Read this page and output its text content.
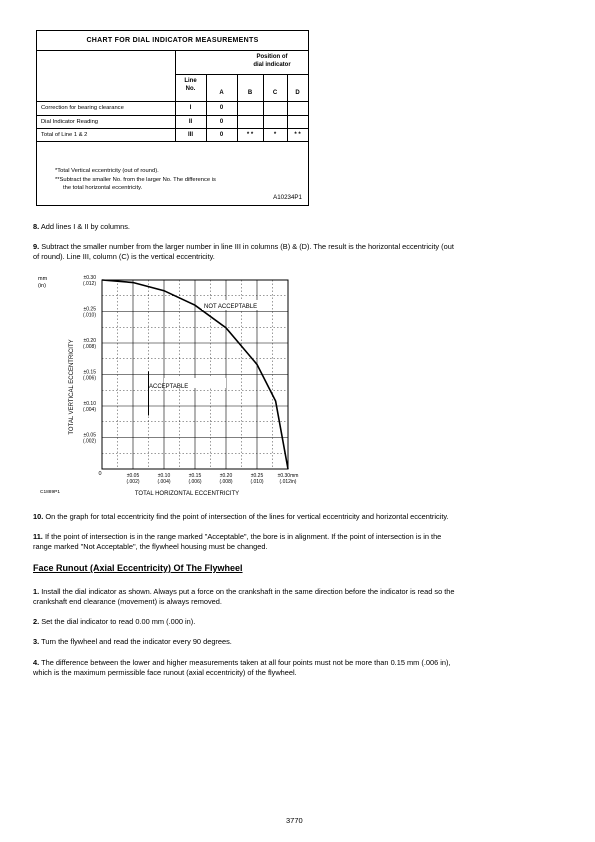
CHART FOR DIAL INDICATOR MEASUREMENTS
Position of
dial indicator
Line
No.
A	B	C	D
Correction for bearing clearance	I	0
Dial Indicator Reading	II	0
Total of Line 1 & 2	III	0	* *	*	* *
*Total Vertical eccentricity (out of round).
**Subtract the smaller No. from the larger No. The difference is
the total horizontal eccentricity.
A10234P1
8. Add lines I & II by columns.
9. Subtract the smaller number from the larger number in line III in columns (B) & (D). The result is the horizontal eccentricity (out
of round). Line III, column (C) is the vertical eccentricity.
±0.30
(.012)
±0.25
(.010)
±0.20
(.008)
±0.15
(.006)
±0.10
(.004)
±0.05
(.002)
±0.05
(.002)
±0.10
(.004)
±0.15
(.006)
±0.20
(.008)
±0.25
(.010)
±0.30mm
(.012in)
ACCEPTABLE
NOT ACCEPTABLE
mm
(in)
TOTAL VERTICAL ECCENTRICITY
TOTAL HORIZONTAL ECCENTRICITY
C1889P1
0
10. On the graph for total eccentricity find the point of intersection of the lines for vertical eccentricity and horizontal eccentricity.
11. If the point of intersection is in the range marked "Acceptable", the bore is in alignment. If the point of intersection is in the
range marked "Not Acceptable", the flywheel housing must be changed.
Face Runout (Axial Eccentricity) Of The Flywheel
1. Install the dial indicator as shown. Always put a force on the crankshaft in the same direction before the indicator is read so the
crankshaft end clearance (movement) is always removed.
2. Set the dial indicator to read 0.00 mm (.000 in).
3. Turn the flywheel and read the indicator every 90 degrees.
4. The difference between the lower and higher measurements taken at all four points must not be more than 0.15 mm (.006 in),
which is the maximum permissible face runout (axial eccentricity) of the flywheel.
3770
